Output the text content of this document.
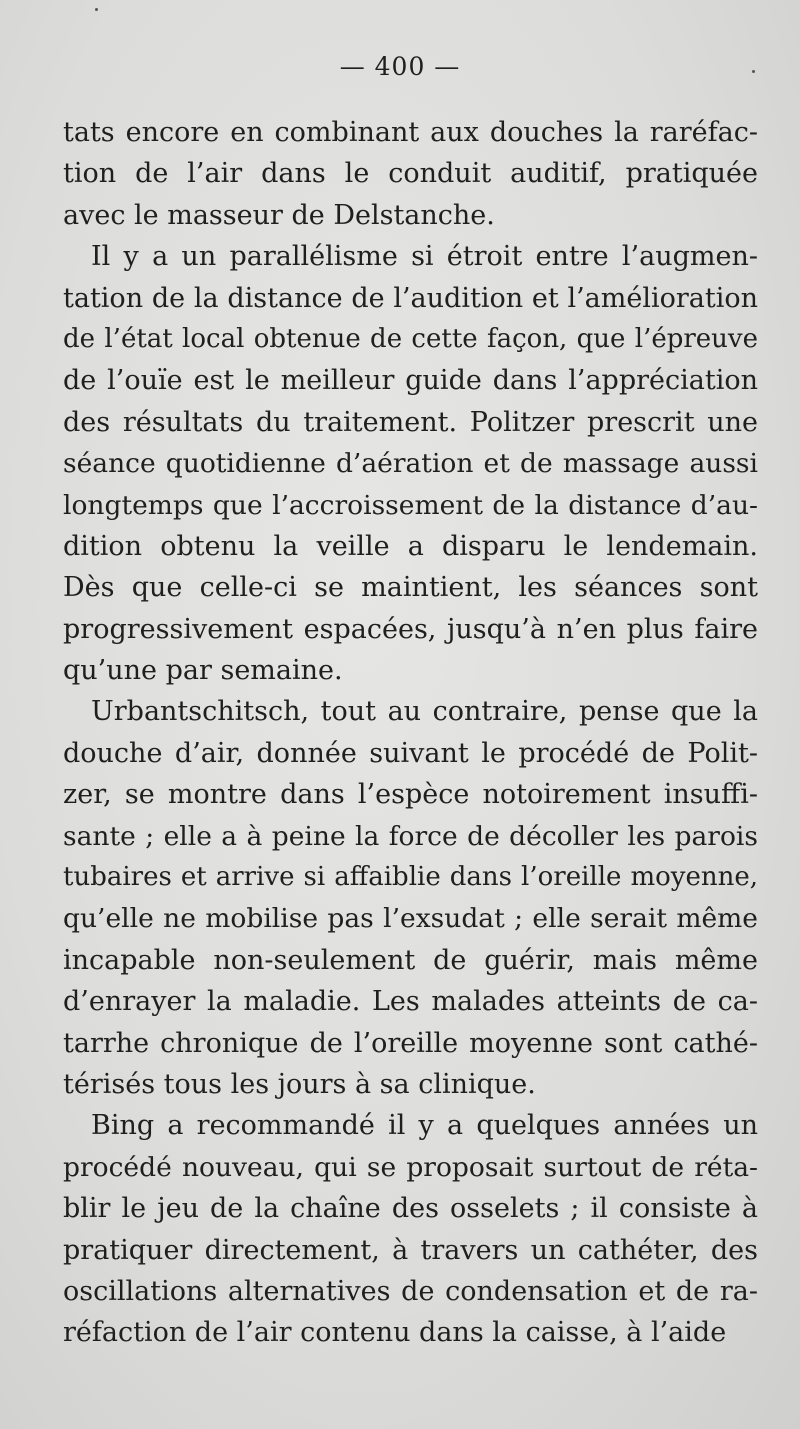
— 400 —
tats encore en combinant aux douches la raréfac-
tion de l’air dans le conduit auditif, pratiquée
avec le masseur de Delstanche.
Il y a un parallélisme si étroit entre l’augmen-
tation de la distance de l’audition et l’amélioration
de l’état local obtenue de cette façon, que l’épreuve
de l’ouïe est le meilleur guide dans l’appréciation
des résultats du traitement. Politzer prescrit une
séance quotidienne d’aération et de massage aussi
longtemps que l’accroissement de la distance d’au-
dition obtenu la veille a disparu le lendemain.
Dès que celle-ci se maintient, les séances sont
progressivement espacées, jusqu’à n’en plus faire
qu’une par semaine.
Urbantschitsch, tout au contraire, pense que la
douche d’air, donnée suivant le procédé de Polit-
zer, se montre dans l’espèce notoirement insuffi-
sante ; elle a à peine la force de décoller les parois
tubaires et arrive si affaiblie dans l’oreille moyenne,
qu’elle ne mobilise pas l’exsudat ; elle serait même
incapable non-seulement de guérir, mais même
d’enrayer la maladie. Les malades atteints de ca-
tarrhe chronique de l’oreille moyenne sont cathé-
térisés tous les jours à sa clinique.
Bing a recommandé il y a quelques années un
procédé nouveau, qui se proposait surtout de réta-
blir le jeu de la chaîne des osselets ; il consiste à
pratiquer directement, à travers un cathéter, des
oscillations alternatives de condensation et de ra-
réfaction de l’air contenu dans la caisse, à l’aide
